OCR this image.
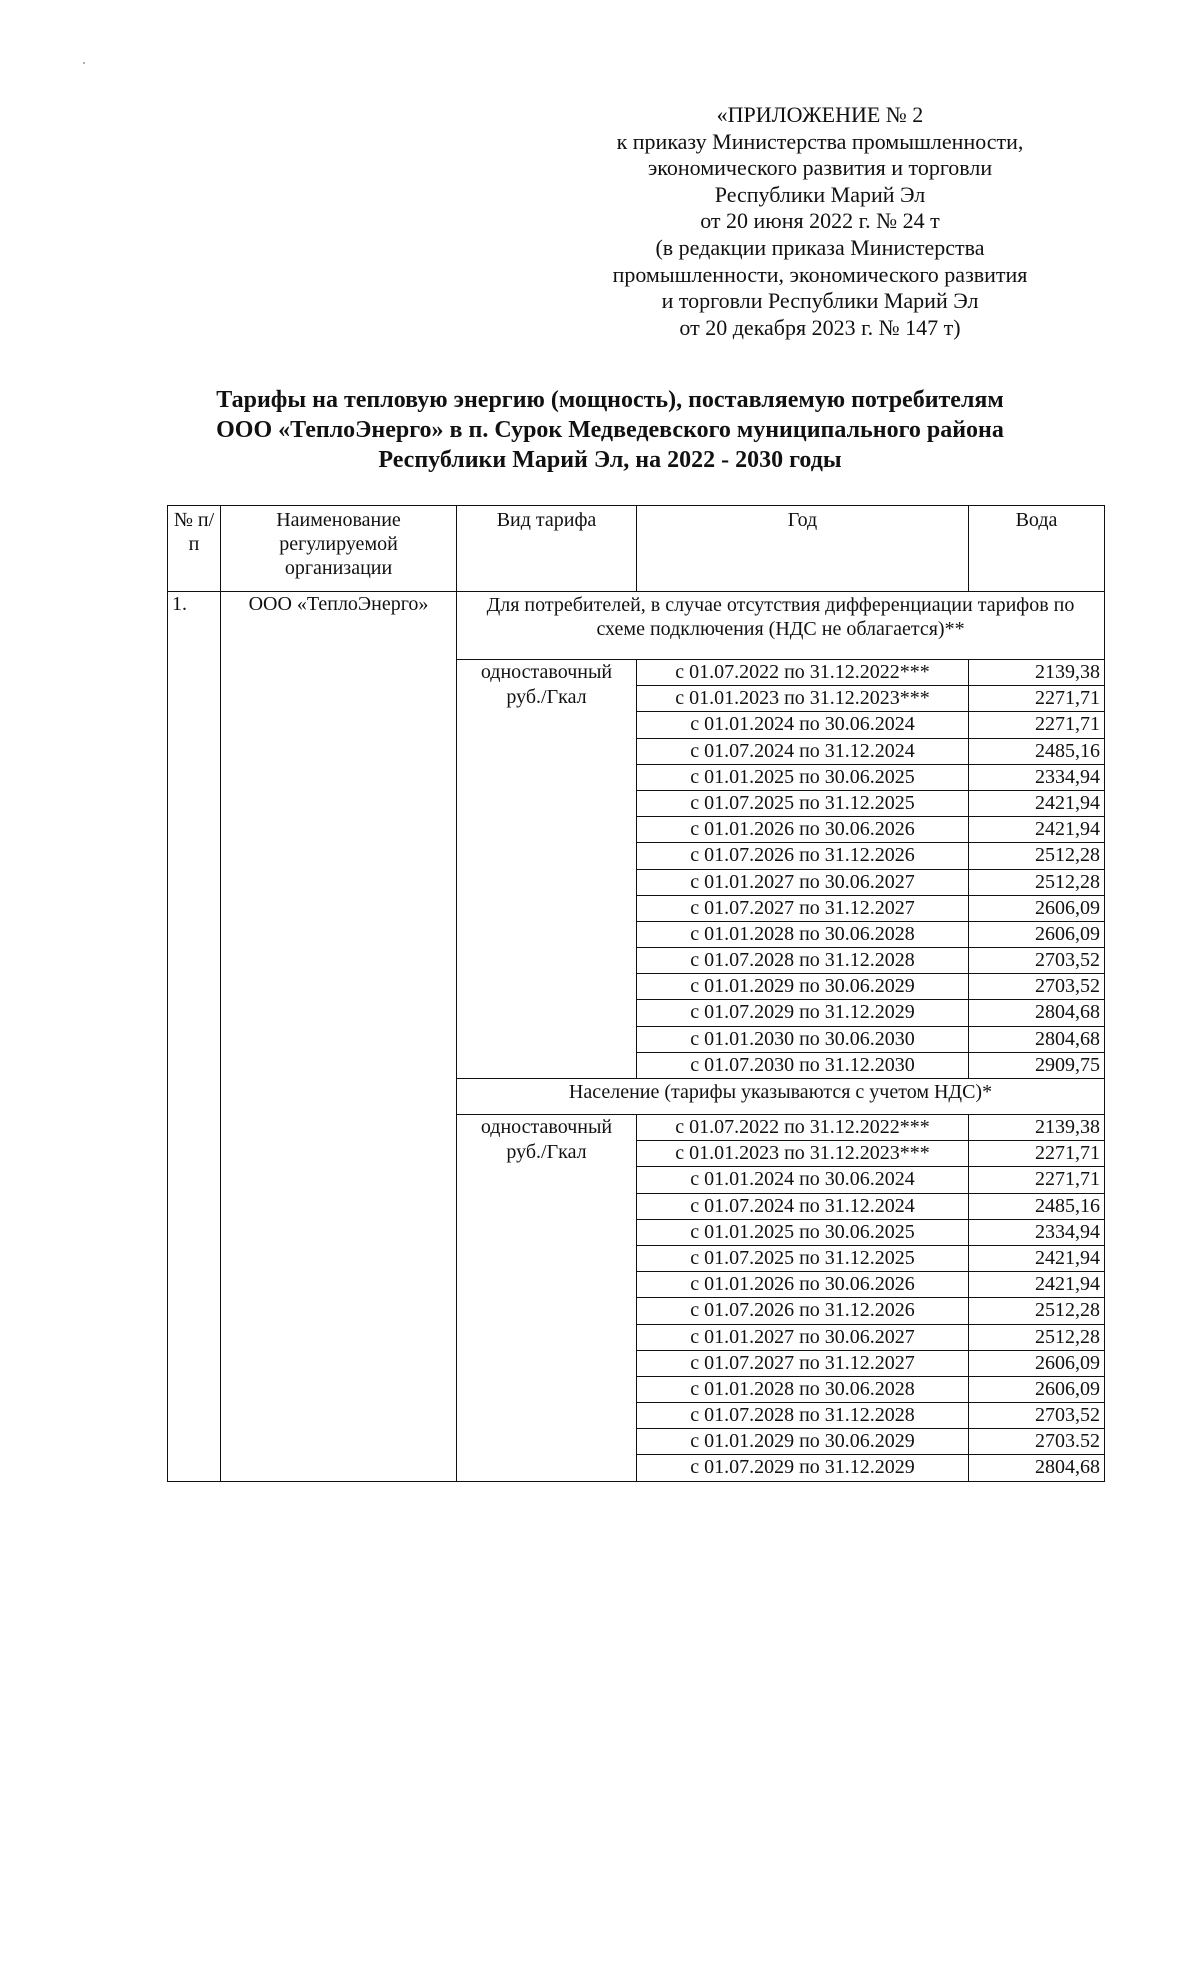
«ПРИЛОЖЕНИЕ № 2
к приказу Министерства промышленности,
экономического развития и торговли
Республики Марий Эл
от 20 июня 2022 г. № 24 т
(в редакции приказа Министерства
промышленности, экономического развития
и торговли Республики Марий Эл
от 20 декабря 2023 г. № 147 т)
Тарифы на тепловую энергию (мощность), поставляемую потребителям
ООО «ТеплоЭнерго» в п. Сурок Медведевского муниципального района
Республики Марий Эл, на 2022 - 2030 годы
№ п/п	Наименование регулируемой организации	Вид тарифа	Год	Вода
1.	ООО «ТеплоЭнерго»	Для потребителей, в случае отсутствия дифференциации тарифов по схеме подключения (НДС не облагается)**		
		одноставочный руб./Гкал	с 01.07.2022 по 31.12.2022***	2139,38
			с 01.01.2023 по 31.12.2023***	2271,71
			с 01.01.2024 по 30.06.2024	2271,71
			с 01.07.2024 по 31.12.2024	2485,16
			с 01.01.2025 по 30.06.2025	2334,94
			с 01.07.2025 по 31.12.2025	2421,94
			с 01.01.2026 по 30.06.2026	2421,94
			с 01.07.2026 по 31.12.2026	2512,28
			с 01.01.2027 по 30.06.2027	2512,28
			с 01.07.2027 по 31.12.2027	2606,09
			с 01.01.2028 по 30.06.2028	2606,09
			с 01.07.2028 по 31.12.2028	2703,52
			с 01.01.2029 по 30.06.2029	2703,52
			с 01.07.2029 по 31.12.2029	2804,68
			с 01.01.2030 по 30.06.2030	2804,68
			с 01.07.2030 по 31.12.2030	2909,75
		Население (тарифы указываются с учетом НДС)*		
		одноставочный руб./Гкал	с 01.07.2022 по 31.12.2022***	2139,38
			с 01.01.2023 по 31.12.2023***	2271,71
			с 01.01.2024 по 30.06.2024	2271,71
			с 01.07.2024 по 31.12.2024	2485,16
			с 01.01.2025 по 30.06.2025	2334,94
			с 01.07.2025 по 31.12.2025	2421,94
			с 01.01.2026 по 30.06.2026	2421,94
			с 01.07.2026 по 31.12.2026	2512,28
			с 01.01.2027 по 30.06.2027	2512,28
			с 01.07.2027 по 31.12.2027	2606,09
			с 01.01.2028 по 30.06.2028	2606,09
			с 01.07.2028 по 31.12.2028	2703,52
			с 01.01.2029 по 30.06.2029	2703.52
			с 01.07.2029 по 31.12.2029	2804,68
